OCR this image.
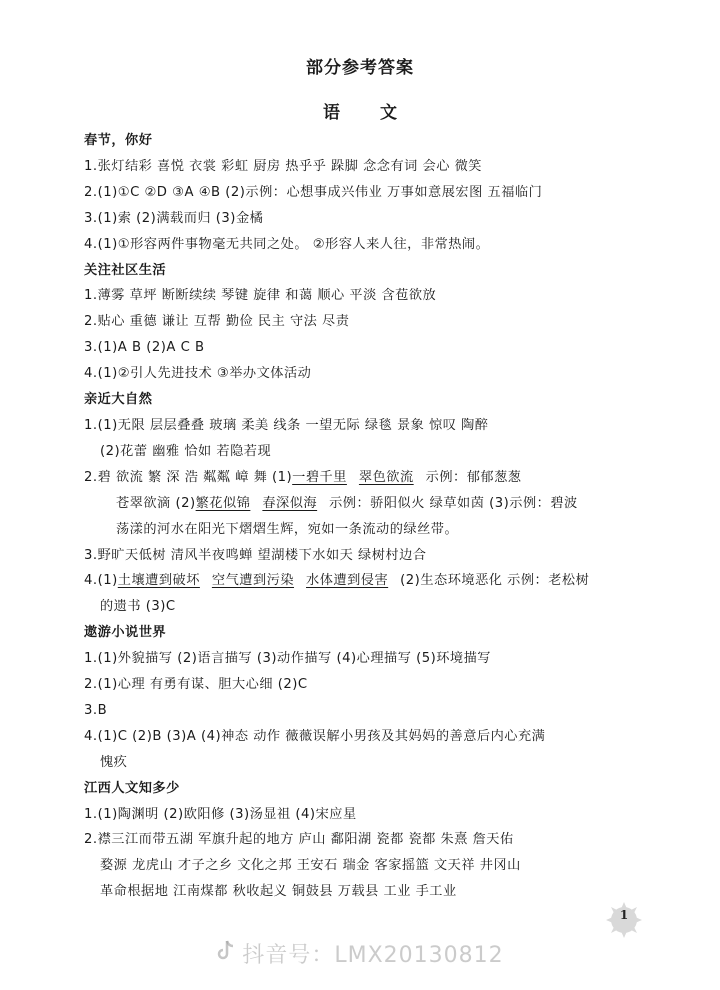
部分参考答案
语文
春节，你好
1.张灯结彩 喜悦 衣裳 彩虹 厨房 热乎乎 跺脚 念念有词 会心 微笑
2.(1)①C ②D ③A ④B (2)示例：心想事成兴伟业 万事如意展宏图 五福临门
3.(1)索 (2)满载而归 (3)金橘
4.(1)①形容两件事物毫无共同之处。 ②形容人来人往，非常热闹。
关注社区生活
1.薄雾 草坪 断断续续 琴键 旋律 和蔼 顺心 平淡 含苞欲放
2.贴心 重德 谦让 互帮 勤俭 民主 守法 尽责
3.(1)A B (2)A C B
4.(1)②引人先进技术 ③举办文体活动
亲近大自然
1.(1)无限 层层叠叠 玻璃 柔美 线条 一望无际 绿毯 景象 惊叹 陶醉
(2)花蕾 幽雅 恰如 若隐若现
2.碧 欲流 繁 深 浩 粼粼 嶂 舞 (1)一碧千里 翠色欲流 示例：郁郁葱葱
苍翠欲滴 (2)繁花似锦 春深似海 示例：骄阳似火 绿草如茵 (3)示例：碧波
荡漾的河水在阳光下熠熠生辉，宛如一条流动的绿丝带。
3.野旷天低树 清风半夜鸣蝉 望湖楼下水如天 绿树村边合
4.(1)土壤遭到破坏 空气遭到污染 水体遭到侵害 (2)生态环境恶化 示例：老松树
的遗书 (3)C
遨游小说世界
1.(1)外貌描写 (2)语言描写 (3)动作描写 (4)心理描写 (5)环境描写
2.(1)心理 有勇有谋、胆大心细 (2)C
3.B
4.(1)C (2)B (3)A (4)神态 动作 薇薇误解小男孩及其妈妈的善意后内心充满
愧疚
江西人文知多少
1.(1)陶渊明 (2)欧阳修 (3)汤显祖 (4)宋应星
2.襟三江而带五湖 军旗升起的地方 庐山 鄱阳湖 瓷都 瓷都 朱熹 詹天佑
婺源 龙虎山 才子之乡 文化之邦 王安石 瑞金 客家摇篮 文天祥 井冈山
革命根据地 江南煤都 秋收起义 铜鼓县 万载县 工业 手工业
1
抖音号：LMX20130812
